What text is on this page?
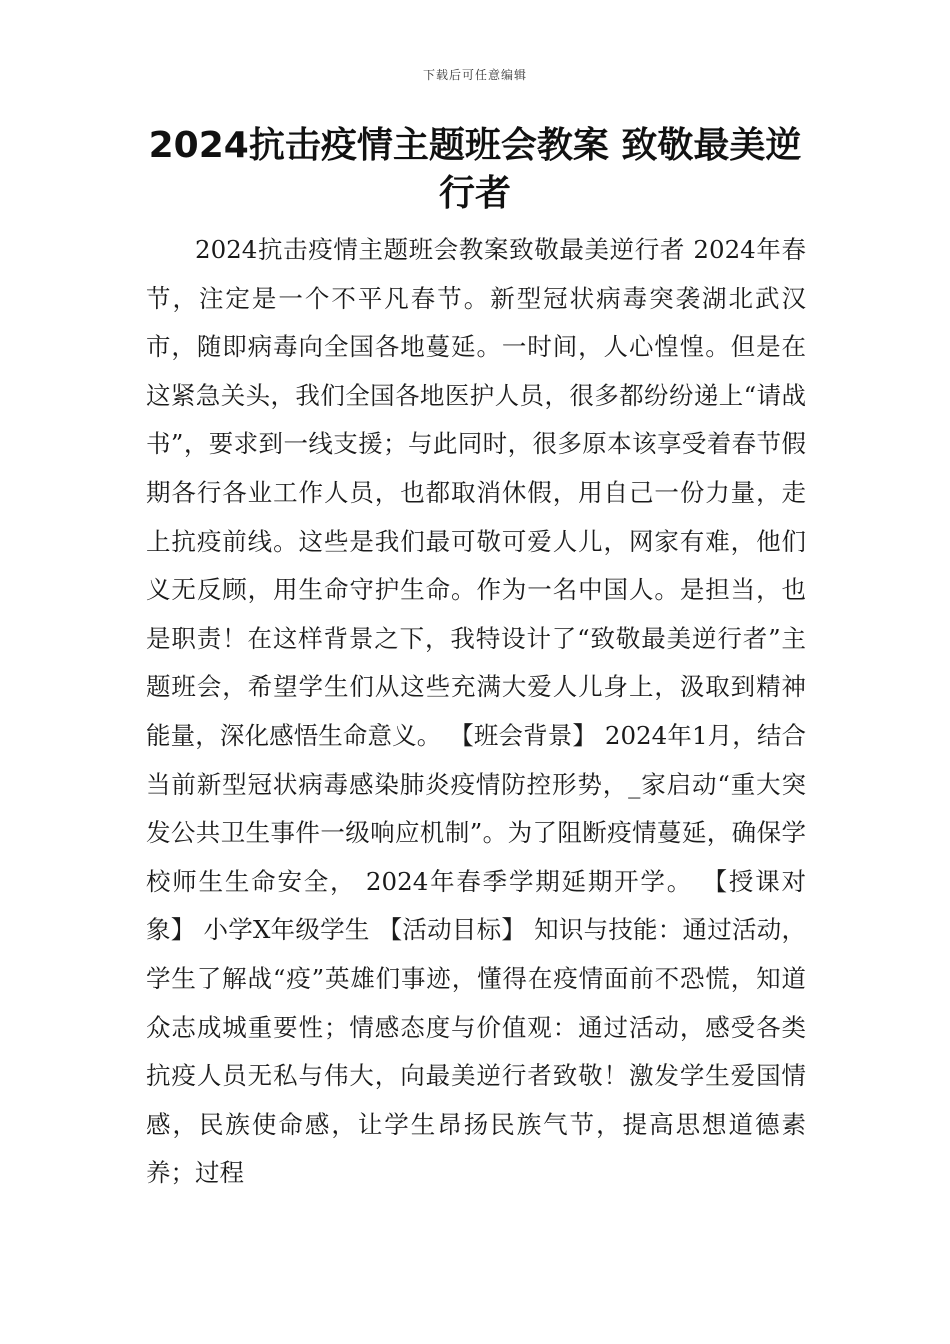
下载后可任意编辑
2024抗击疫情主题班会教案 致敬最美逆行者

2024抗击疫情主题班会教案致敬最美逆行者 2024年春节，注定是一个不平凡春节。新型冠状病毒突袭湖北武汉市，随即病毒向全国各地蔓延。一时间，人心惶惶。但是在这紧急关头，我们全国各地医护人员，很多都纷纷递上“请战书”，要求到一线支援；与此同时，很多原本该享受着春节假期各行各业工作人员，也都取消休假，用自己一份力量，走上抗疫前线。这些是我们最可敬可爱人儿，网家有难，他们义无反顾，用生命守护生命。作为一名中国人。是担当，也是职责！在这样背景之下，我特设计了“致敬最美逆行者”主题班会，希望学生们从这些充满大爱人儿身上，汲取到精神能量，深化感悟生命意义。 【班会背景】 2024年1月，结合当前新型冠状病毒感染肺炎疫情防控形势，_家启动“重大突发公共卫生事件一级响应机制”。为了阻断疫情蔓延，确保学校师生生命安全， 2024年春季学期延期开学。 【授课对象】 小学X年级学生 【活动目标】 知识与技能：通过活动，学生了解战“疫”英雄们事迹，懂得在疫情面前不恐慌，知道众志成城重要性；情感态度与价值观：通过活动，感受各类抗疫人员无私与伟大，向最美逆行者致敬！激发学生爱国情感，民族使命感，让学生昂扬民族气节，提高思想道德素养；过程
